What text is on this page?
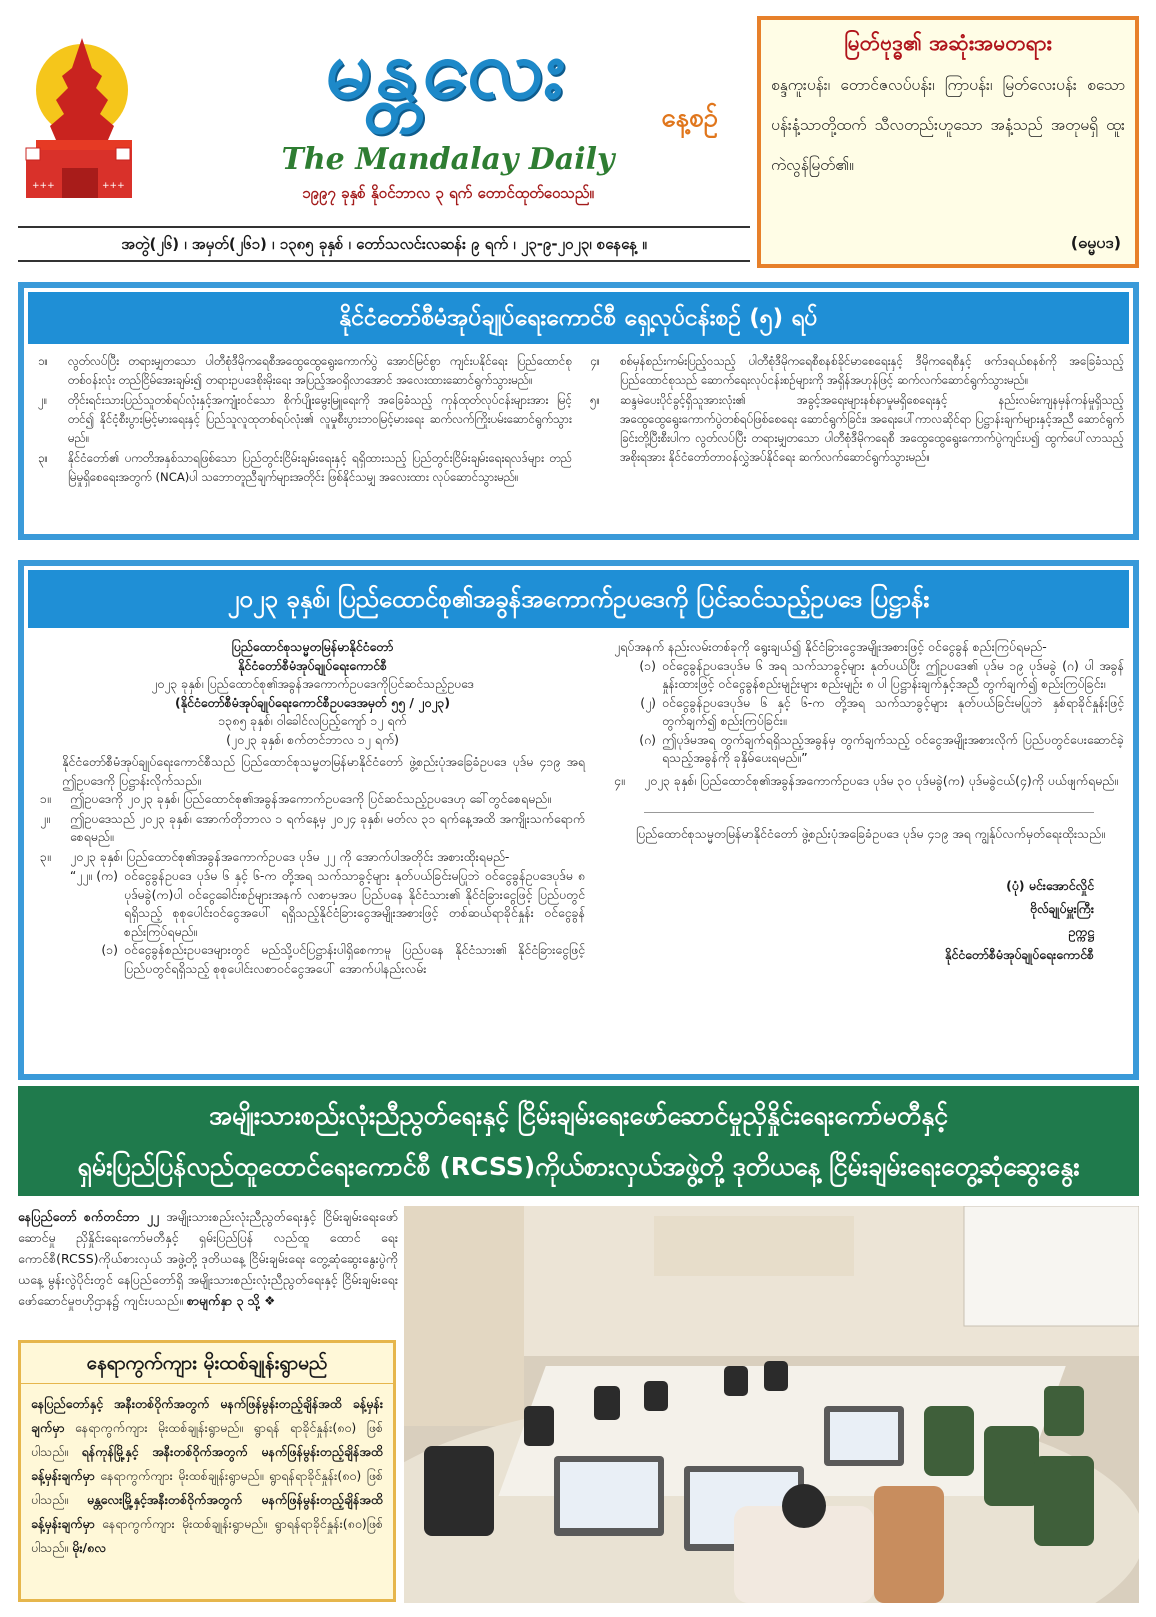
+++	+++
မန္တလေး
နေ့စဉ်
The Mandalay Daily
၁၉၉၇ ခုနှစ် နိုဝင်ဘာလ ၃ ရက် တောင်ထုတ်ဝေသည်။
အတွဲ(၂၆) ၊ အမှတ်(၂၆၁) ၊ ၁၃၈၅ ခုနှစ် ၊ တော်သလင်းလဆန်း ၉ ရက် ၊ ၂၃-၉-၂၀၂၃၊ စနေနေ့ ။
မြတ်ဗုဒ္ဓ၏ အဆုံးအမတရား
စန္ဒကူးပန်း၊ တောင်ဇလပ်ပန်း၊ ကြာပန်း၊ မြတ်လေးပန်း စသော ပန်းနံ့သာတို့ထက် သီလတည်းဟူသော အနံ့သည် အတုမရှိ ထူးကဲလွန်မြတ်၏။
(ဓမ္မပဒ)
နိုင်ငံတော်စီမံအုပ်ချုပ်ရေးကောင်စီ ရှေ့လုပ်ငန်းစဉ် (၅) ရပ်
၁။	လွတ်လပ်ပြီး တရားမျှတသော ပါတီစုံဒီမိုကရေစီအထွေထွေရွေးကောက်ပွဲ အောင်မြင်စွာ ကျင်းပနိုင်ရေး ပြည်ထောင်စုတစ်ဝန်းလုံး တည်ငြိမ်အေးချမ်း၍ တရားဥပဒေစိုးမိုးရေး အပြည့်အဝရှိလာအောင် အလေးထားဆောင်ရွက်သွားမည်။
၂။	တိုင်းရင်းသားပြည်သူတစ်ရပ်လုံးနှင့်အကျုံးဝင်သော စိုက်ပျိုးမွေးမြူရေးကို အခြေခံသည့် ကုန်ထုတ်လုပ်ငန်းများအား မြင့်တင်၍ နိုင်ငံ့စီးပွားမြင့်မားရေးနှင့် ပြည်သူလူထုတစ်ရပ်လုံး၏ လူမှုစီးပွားဘဝမြင့်မားရေး ဆက်လက်ကြိုးပမ်းဆောင်ရွက်သွားမည်။
၃။	နိုင်ငံတော်၏ ပကတိအနှစ်သာရဖြစ်သော ပြည်တွင်းငြိမ်းချမ်းရေးနှင့် ရရှိထားသည့် ပြည်တွင်းငြိမ်းချမ်းရေးရလဒ်များ တည်မြဲမှုရှိစေရေးအတွက် (NCA)ပါ သဘောတူညီချက်များအတိုင်း ဖြစ်နိုင်သမျှ အလေးထား လုပ်ဆောင်သွားမည်။
၄။	စစ်မှန်စည်းကမ်းပြည့်ဝသည့် ပါတီစုံဒီမိုကရေစီစနစ်ခိုင်မာစေရေးနှင့် ဒီမိုကရေစီနှင့် ဖက်ဒရယ်စနစ်ကို အခြေခံသည့် ပြည်ထောင်စုသည် ဆောက်ရေးလုပ်ငန်းစဉ်များကို အရှိန်အဟုန်ဖြင့် ဆက်လက်ဆောင်ရွက်သွားမည်။
၅။	ဆန္ဒမဲပေးပိုင်ခွင့်ရှိသူအားလုံး၏ အခွင့်အရေးများနစ်နာမှုမရှိစေရေးနှင့် နည်းလမ်းကျနမှန်ကန်မှုရှိသည့် အထွေထွေရွေးကောက်ပွဲတစ်ရပ်ဖြစ်စေရေး ဆောင်ရွက်ခြင်း၊ အရေးပေါ်ကာလဆိုင်ရာ ပြဋ္ဌာန်းချက်များနှင့်အညီ ဆောင်ရွက်ခြင်းတို့ပြီးစီးပါက လွတ်လပ်ပြီး တရားမျှတသော ပါတီစုံဒီမိုကရေစီ အထွေထွေရွေးကောက်ပွဲကျင်းပ၍ ထွက်ပေါ်လာသည့်အစိုးရအား နိုင်ငံတော်တာဝန်လွှဲအပ်နိုင်ရေး ဆက်လက်ဆောင်ရွက်သွားမည်။
၂၀၂၃ ခုနှစ်၊ ပြည်ထောင်စု၏အခွန်အကောက်ဥပဒေကို ပြင်ဆင်သည့်ဥပဒေ ပြဋ္ဌာန်း
ပြည်ထောင်စုသမ္မတမြန်မာနိုင်ငံတော်
နိုင်ငံတော်စီမံအုပ်ချုပ်ရေးကောင်စီ
၂၀၂၃ ခုနှစ်၊ ပြည်ထောင်စု၏အခွန်အကောက်ဥပဒေကိုပြင်ဆင်သည့်ဥပဒေ
(နိုင်ငံတော်စီမံအုပ်ချုပ်ရေးကောင်စီဥပဒေအမှတ် ၅၅ / ၂၀၂၃)
၁၃၈၅ ခုနှစ်၊ ဝါခေါင်လပြည့်ကျော် ၁၂ ရက်
(၂၀၂၃ ခုနှစ်၊ စက်တင်ဘာလ ၁၂ ရက်)
နိုင်ငံတော်စီမံအုပ်ချုပ်ရေးကောင်စီသည် ပြည်ထောင်စုသမ္မတမြန်မာနိုင်ငံတော် ဖွဲ့စည်းပုံအခြေခံဥပဒေ ပုဒ်မ ၄၁၉ အရ ဤဥပဒေကို ပြဋ္ဌာန်းလိုက်သည်။
၁။	ဤဥပဒေကို ၂၀၂၃ ခုနှစ်၊ ပြည်ထောင်စု၏အခွန်အကောက်ဥပဒေကို ပြင်ဆင်သည့်ဥပဒေဟု ခေါ်တွင်စေရမည်။
၂။	ဤဥပဒေသည် ၂၀၂၃ ခုနှစ်၊ အောက်တိုဘာလ ၁ ရက်နေ့မှ ၂၀၂၄ ခုနှစ်၊ မတ်လ ၃၁ ရက်နေ့အထိ အကျိုးသက်ရောက်စေရမည်။
၃။	၂၀၂၃ ခုနှစ်၊ ပြည်ထောင်စု၏အခွန်အကောက်ဥပဒေ ပုဒ်မ ၂၂ ကို အောက်ပါအတိုင်း အစားထိုးရမည်-
“၂၂။ (က) ဝင်ငွေခွန်ဥပဒေ ပုဒ်မ ၆ နှင့် ၆-က တို့အရ သက်သာခွင့်များ နုတ်ပယ်ခြင်းမပြုဘဲ ဝင်ငွေခွန်ဥပဒေပုဒ်မ ၈ ပုဒ်မခွဲ(က)ပါ ဝင်ငွေခေါင်းစဉ်များအနက် လစာမှအပ ပြည်ပနေ နိုင်ငံသား၏ နိုင်ငံခြားငွေဖြင့် ပြည်ပတွင်ရရှိသည့် စုစုပေါင်းဝင်ငွေအပေါ် ရရှိသည့်နိုင်ငံခြားငွေအမျိုးအစားဖြင့် တစ်ဆယ်ရာခိုင်နှုန်း ဝင်ငွေခွန်စည်းကြပ်ရမည်။
(၁) ဝင်ငွေခွန်စည်းဥပဒေများတွင် မည်သို့ပင်ပြဋ္ဌာန်းပါရှိစေကာမူ ပြည်ပနေ နိုင်ငံသား၏ နိုင်ငံခြားငွေဖြင့် ပြည်ပတွင်ရရှိသည့် စုစုပေါင်းလစာဝင်ငွေအပေါ် အောက်ပါနည်းလမ်း
၂ရပ်အနက် နည်းလမ်းတစ်ခုကို ရွေးချယ်၍ နိုင်ငံခြားငွေအမျိုးအစားဖြင့် ဝင်ငွေခွန် စည်းကြပ်ရမည်-
(၁) ဝင်ငွေခွန်ဥပဒေပုဒ်မ ၆ အရ သက်သာခွင့်များ နုတ်ပယ်ပြီး ဤဥပဒေ၏ ပုဒ်မ ၁၉ ပုဒ်မခွဲ (ဂ) ပါ အခွန်နှုန်းထားဖြင့် ဝင်ငွေခွန်စည်းမျဉ်းများ စည်းမျဉ်း ၈ ပါ ပြဋ္ဌာန်းချက်နှင့်အညီ တွက်ချက်၍ စည်းကြပ်ခြင်း၊
(၂) ဝင်ငွေခွန်ဥပဒေပုဒ်မ ၆ နှင့် ၆-က တို့အရ သက်သာခွင့်များ နုတ်ပယ်ခြင်းမပြုဘဲ နှစ်ရာခိုင်နှုန်းဖြင့် တွက်ချက်၍ စည်းကြပ်ခြင်း။
(ဂ) ဤပုဒ်မအရ တွက်ချက်ရရှိသည့်အခွန်မှ တွက်ချက်သည့် ဝင်ငွေအမျိုးအစားလိုက် ပြည်ပတွင်ပေးဆောင်ခဲ့ရသည့်အခွန်ကို ခုနှိမ်ပေးရမည်။”
၄။	၂၀၂၃ ခုနှစ်၊ ပြည်ထောင်စု၏အခွန်အကောက်ဥပဒေ ပုဒ်မ ၃၀ ပုဒ်မခွဲ(က) ပုဒ်မခွဲငယ်(၄)ကို ပယ်ဖျက်ရမည်။
ပြည်ထောင်စုသမ္မတမြန်မာနိုင်ငံတော် ဖွဲ့စည်းပုံအခြေခံဥပဒေ ပုဒ်မ ၄၁၉ အရ ကျွန်ုပ်လက်မှတ်ရေးထိုးသည်။
(ပုံ) မင်းအောင်လှိုင်
ဗိုလ်ချုပ်မှူးကြီး
ဥက္ကဋ္ဌ
နိုင်ငံတော်စီမံအုပ်ချုပ်ရေးကောင်စီ
အမျိုးသားစည်းလုံးညီညွတ်ရေးနှင့် ငြိမ်းချမ်းရေးဖော်ဆောင်မှုညှိနှိုင်းရေးကော်မတီနှင့်
ရှမ်းပြည်ပြန်လည်ထူထောင်ရေးကောင်စီ (RCSS)ကိုယ်စားလှယ်အဖွဲ့တို့ ဒုတိယနေ့ ငြိမ်းချမ်းရေးတွေ့ဆုံဆွေးနွေး
နေပြည်တော် စက်တင်ဘာ ၂၂ အမျိုးသားစည်းလုံးညီညွတ်ရေးနှင့် ငြိမ်းချမ်းရေးဖော်ဆောင်မှု ညှိနှိုင်းရေးကော်မတီနှင့် ရှမ်းပြည်ပြန် လည်ထူ ထောင် ရေးကောင်စီ(RCSS)ကိုယ်စားလှယ် အဖွဲ့တို့ ဒုတိယနေ့ ငြိမ်းချမ်းရေး တွေ့ဆုံဆွေးနွေးပွဲကို ယနေ့ မွန်းလွဲပိုင်းတွင် နေပြည်တော်ရှိ အမျိုးသားစည်းလုံးညီညွတ်ရေးနှင့် ငြိမ်းချမ်းရေးဖော်ဆောင်မှုဗဟိုဌာန၌ ကျင်းပသည်။ စာမျက်နှာ ၃ သို့ ❖
နေရာကွက်ကျား မိုးထစ်ချုန်းရွာမည်
နေပြည်တော်နှင့် အနီးတစ်ဝိုက်အတွက် မနက်ဖြန်မွန်းတည့်ချိန်အထိ ခန့်မှန်းချက်မှာ နေရာကွက်ကျား မိုးထစ်ချုန်းရွာမည်။ ရွာရန် ရာခိုင်နှုန်း(၈၀) ဖြစ်ပါသည်။ ရန်ကုန်မြို့နှင့် အနီးတစ်ဝိုက်အတွက် မနက်ဖြန်မွန်းတည့်ချိန်အထိ ခန့်မှန်းချက်မှာ နေရာကွက်ကျား မိုးထစ်ချုန်းရွာမည်။ ရွာရန်ရာခိုင်နှုန်း(၈၀) ဖြစ်ပါသည်။ မန္တလေးမြို့နှင့်အနီးတစ်ဝိုက်အတွက် မနက်ဖြန်မွန်းတည့်ချိန်အထိ ခန့်မှန်းချက်မှာ နေရာကွက်ကျား မိုးထစ်ချုန်းရွာမည်။ ရွာရန်ရာခိုင်နှုန်း(၈၀)ဖြစ်ပါသည်။ မိုး/၈လ
